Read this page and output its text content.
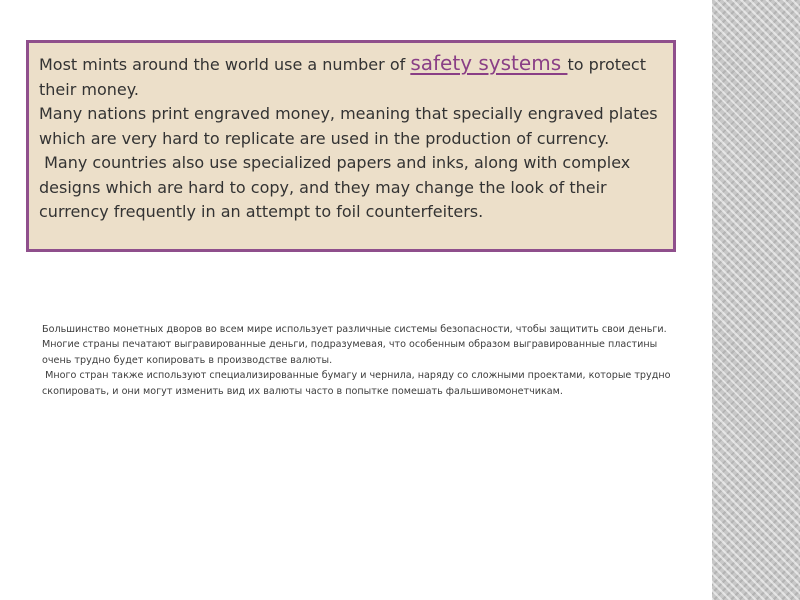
Most mints around the world use a number of safety systems to protect their money.

Many nations print engraved money, meaning that specially engraved plates which are very hard to replicate are used in the production of currency.

Many countries also use specialized papers and inks, along with complex designs which are hard to copy, and they may change the look of their currency frequently in an attempt to foil counterfeiters.

Большинство монетных дворов во всем мире использует различные системы безопасности, чтобы защитить свои деньги.

Многие страны печатают выгравированные деньги, подразумевая, что особенным образом выгравированные пластины очень трудно будет копировать в производстве валюты.

Много стран также используют специализированные бумагу и чернила, наряду со сложными проектами, которые трудно скопировать, и они могут изменить вид их валюты часто в попытке помешать фальшивомонетчикам.
